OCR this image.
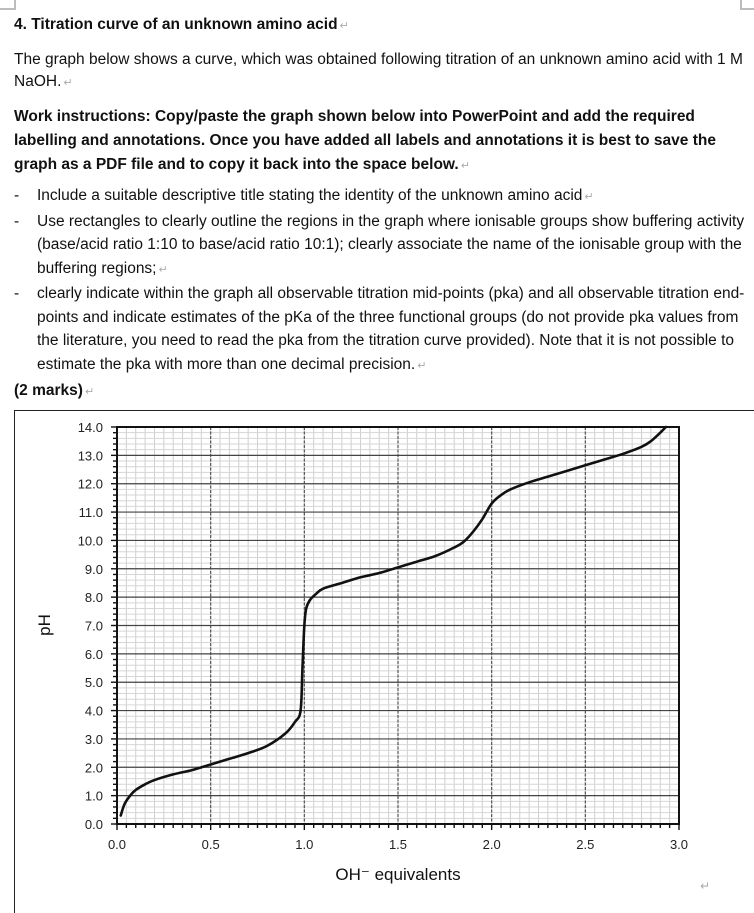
4. Titration curve of an unknown amino acid ↵
The graph below shows a curve, which was obtained following titration of an unknown amino acid with 1 M NaOH. ↵
Work instructions: Copy/paste the graph shown below into PowerPoint and add the required labelling and annotations. Once you have added all labels and annotations it is best to save the graph as a PDF file and to copy it back into the space below. ↵
- Include a suitable descriptive title stating the identity of the unknown amino acid ↵
- Use rectangles to clearly outline the regions in the graph where ionisable groups show buffering activity (base/acid ratio 1:10 to base/acid ratio 10:1); clearly associate the name of the ionisable group with the buffering regions; ↵
- clearly indicate within the graph all observable titration mid-points (pka) and all observable titration end-points and indicate estimates of the pKa of the three functional groups (do not provide pka values from the literature, you need to read the pka from the titration curve provided). Note that it is not possible to estimate the pka with more than one decimal precision. ↵
(2 marks) ↵
0.0
1.0
2.0
3.0
4.0
5.0
6.0
7.0
8.0
9.0
10.0
11.0
12.0
13.0
14.0
0.0	0.5	1.0	1.5	2.0	2.5	3.0
pH
OH⁻ equivalents
↵
